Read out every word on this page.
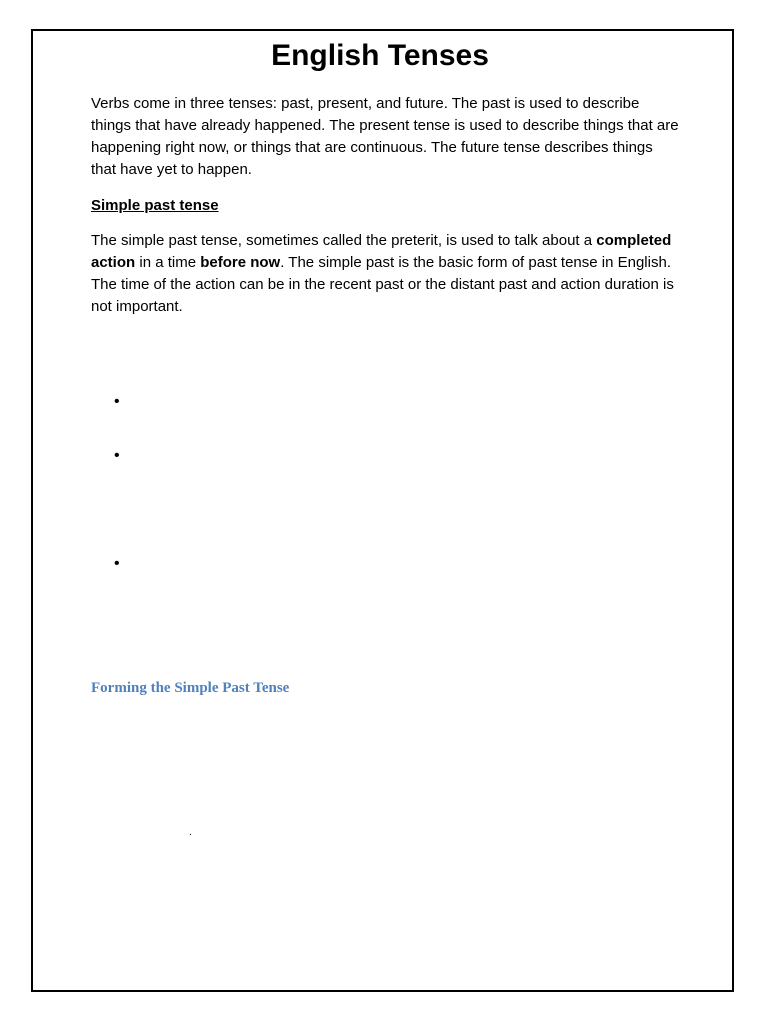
English Tenses

Verbs come in three tenses: past, present, and future. The past is used to describe things that have already happened. The present tense is used to describe things that are happening right now, or things that are continuous. The future tense describes things that have yet to happen.

Simple past tense

The simple past tense, sometimes called the preterit, is used to talk about a completed action in a time before now. The simple past is the basic form of past tense in English. The time of the action can be in the recent past or the distant past and action duration is not important.

•
•
•

Forming the Simple Past Tense

.
